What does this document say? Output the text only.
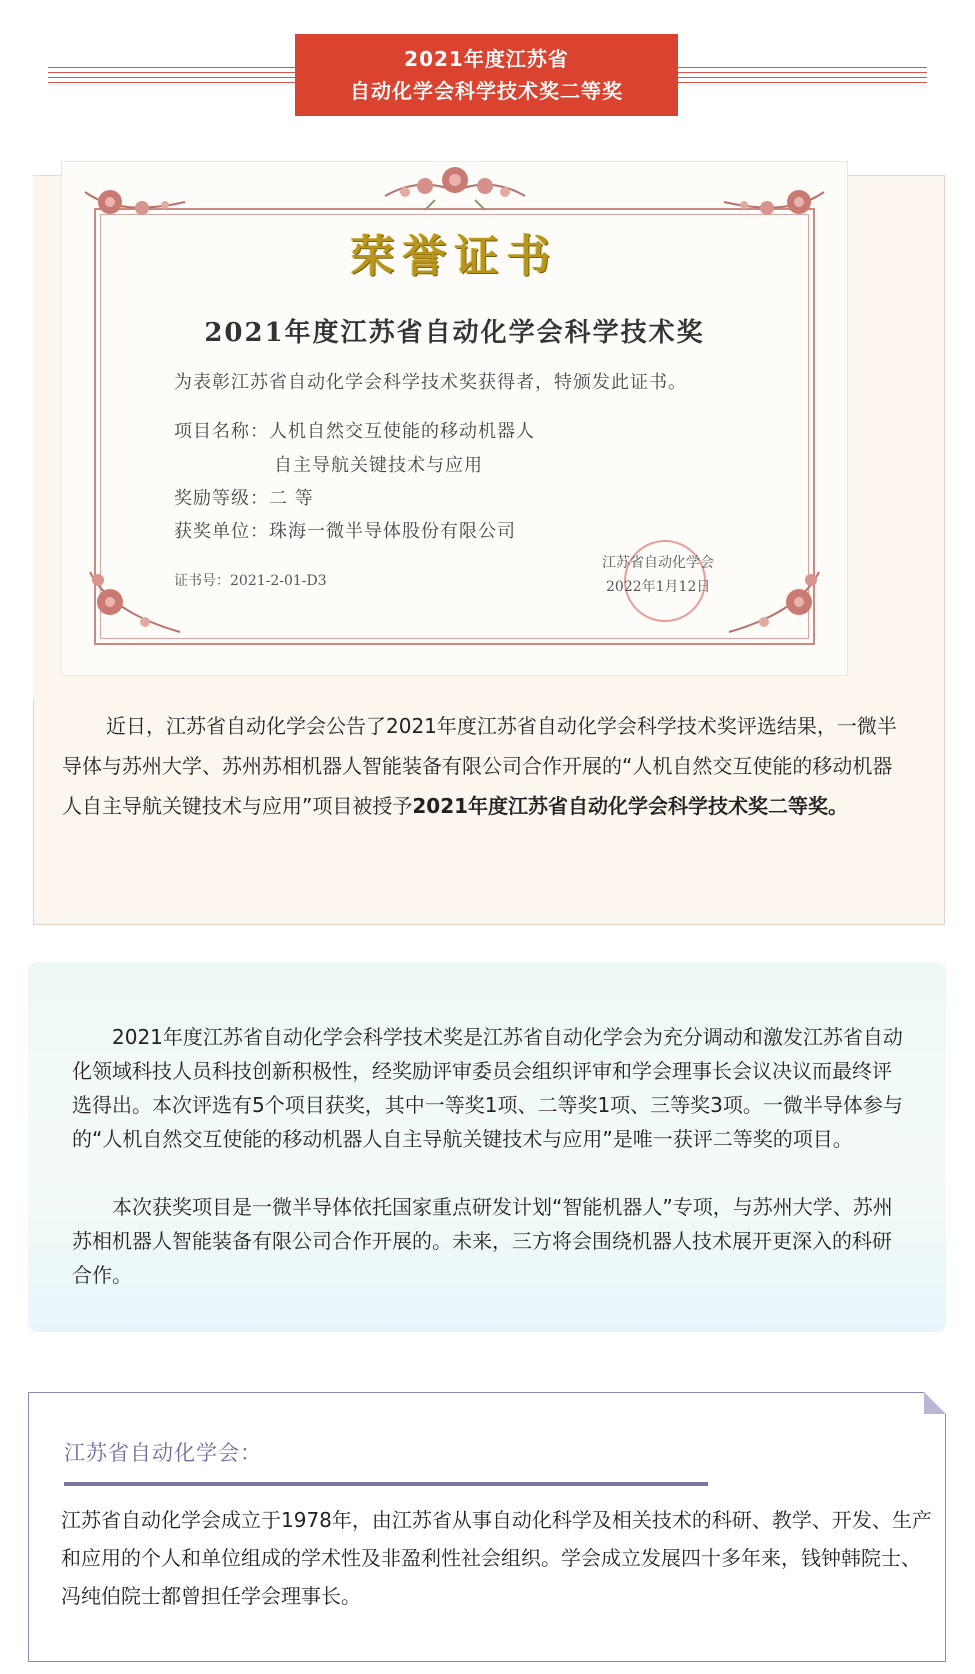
2021年度江苏省
自动化学会科学技术奖二等奖
荣誉证书
2021年度江苏省自动化学会科学技术奖
为表彰江苏省自动化学会科学技术奖获得者，特颁发此证书。
项目名称：人机自然交互使能的移动机器人
自主导航关键技术与应用
奖励等级：二 等
获奖单位：珠海一微半导体股份有限公司
证书号：2021-2-01-D3
江苏省自动化学会
2022年1月12日
近日，江苏省自动化学会公告了2021年度江苏省自动化学会科学技术奖评选结果，一微半导体与苏州大学、苏州苏相机器人智能装备有限公司合作开展的“人机自然交互使能的移动机器人自主导航关键技术与应用”项目被授予2021年度江苏省自动化学会科学技术奖二等奖。
2021年度江苏省自动化学会科学技术奖是江苏省自动化学会为充分调动和激发江苏省自动化领域科技人员科技创新积极性，经奖励评审委员会组织评审和学会理事长会议决议而最终评选得出。本次评选有5个项目获奖，其中一等奖1项、二等奖1项、三等奖3项。一微半导体参与的“人机自然交互使能的移动机器人自主导航关键技术与应用”是唯一获评二等奖的项目。
本次获奖项目是一微半导体依托国家重点研发计划“智能机器人”专项，与苏州大学、苏州苏相机器人智能装备有限公司合作开展的。未来，三方将会围绕机器人技术展开更深入的科研合作。
江苏省自动化学会：
江苏省自动化学会成立于1978年，由江苏省从事自动化科学及相关技术的科研、教学、开发、生产和应用的个人和单位组成的学术性及非盈利性社会组织。学会成立发展四十多年来，钱钟韩院士、冯纯伯院士都曾担任学会理事长。
